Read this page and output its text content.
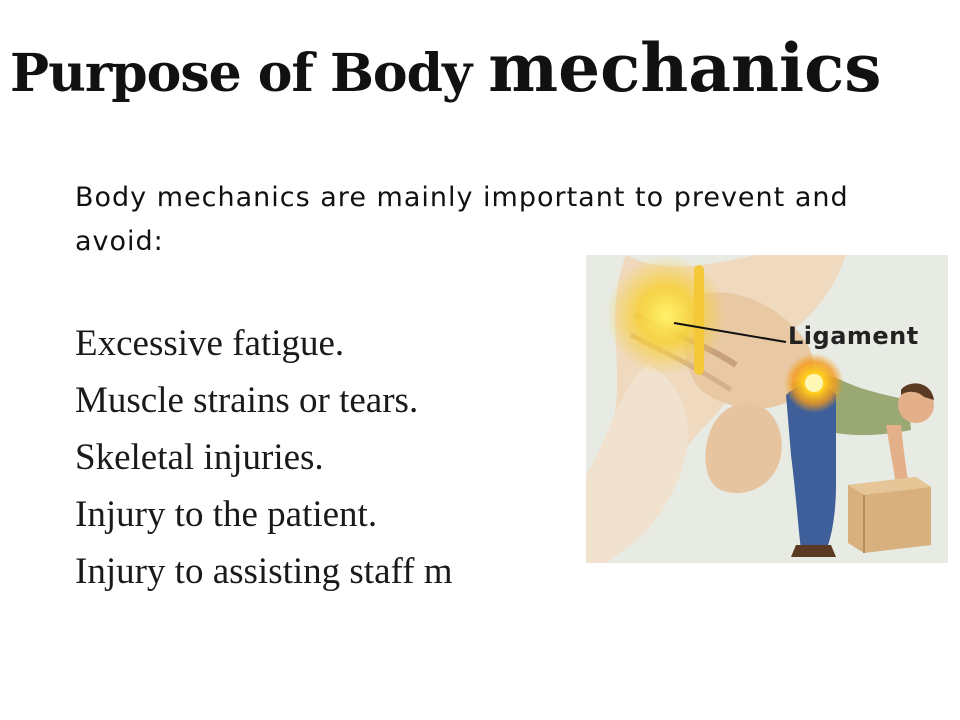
Purpose of Body mechanics

Body mechanics are mainly important to prevent and avoid:

Excessive fatigue.
Muscle strains or tears.
Skeletal injuries.
Injury to the patient.
Injury to assisting staff m
Ligament
